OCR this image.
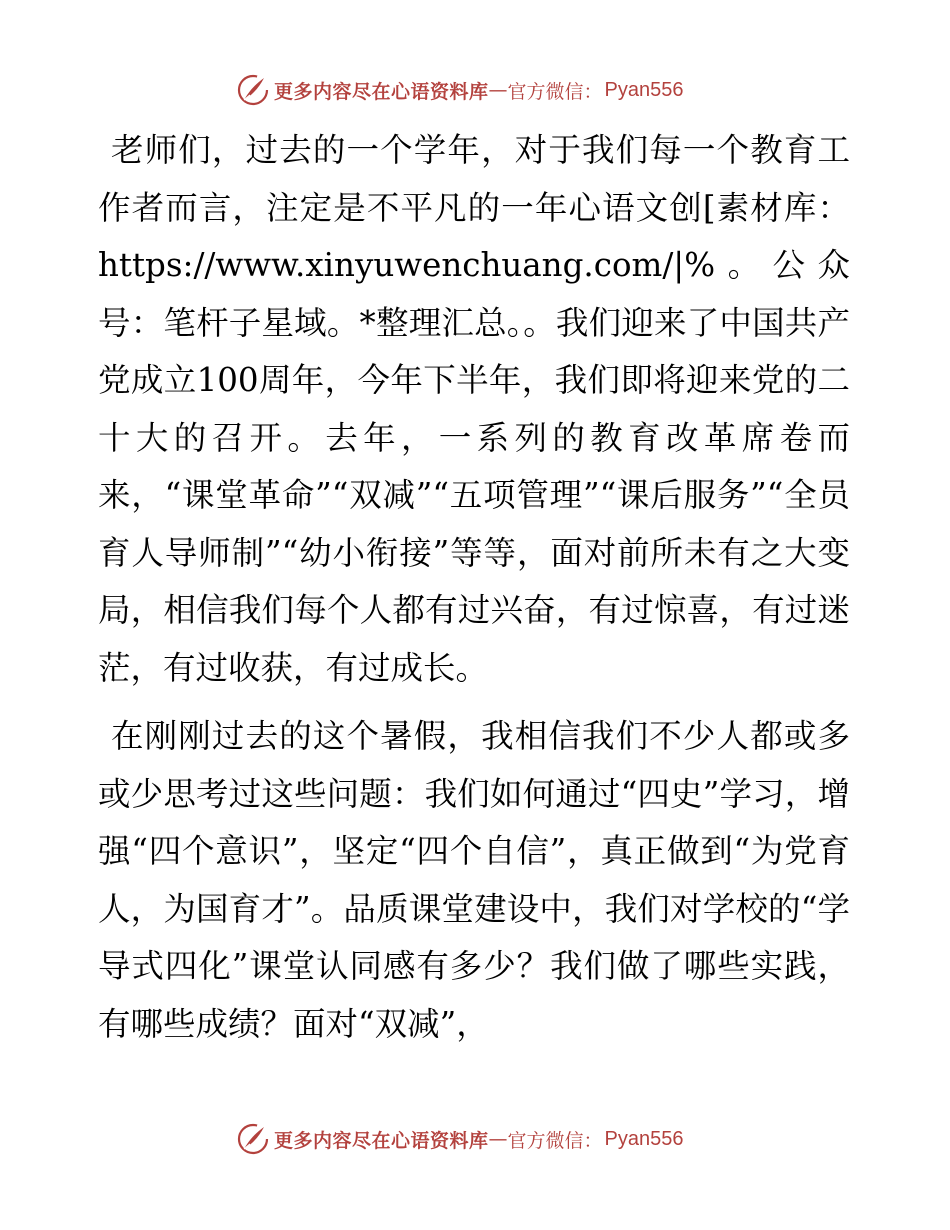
更多内容尽在心语资料库 — 官方微信： Pyan556

老师们，过去的一个学年，对于我们每一个教育工作者而言，注定是不平凡的一年心语文创[素材库：https://www.xinyuwenchuang.com/|%。公众号：笔杆子星域。*整理汇总。。我们迎来了中国共产党成立100周年，今年下半年，我们即将迎来党的二十大的召开。去年，一系列的教育改革席卷而来，“课堂革命”“双减”“五项管理”“课后服务”“全员育人导师制”“幼小衔接”等等，面对前所未有之大变局，相信我们每个人都有过兴奋，有过惊喜，有过迷茫，有过收获，有过成长。

在刚刚过去的这个暑假，我相信我们不少人都或多或少思考过这些问题：我们如何通过“四史”学习，增强“四个意识”，坚定“四个自信”，真正做到“为党育人，为国育才”。品质课堂建设中，我们对学校的“学导式四化”课堂认同感有多少？我们做了哪些实践，有哪些成绩？面对“双减”，

更多内容尽在心语资料库 — 官方微信： Pyan556
